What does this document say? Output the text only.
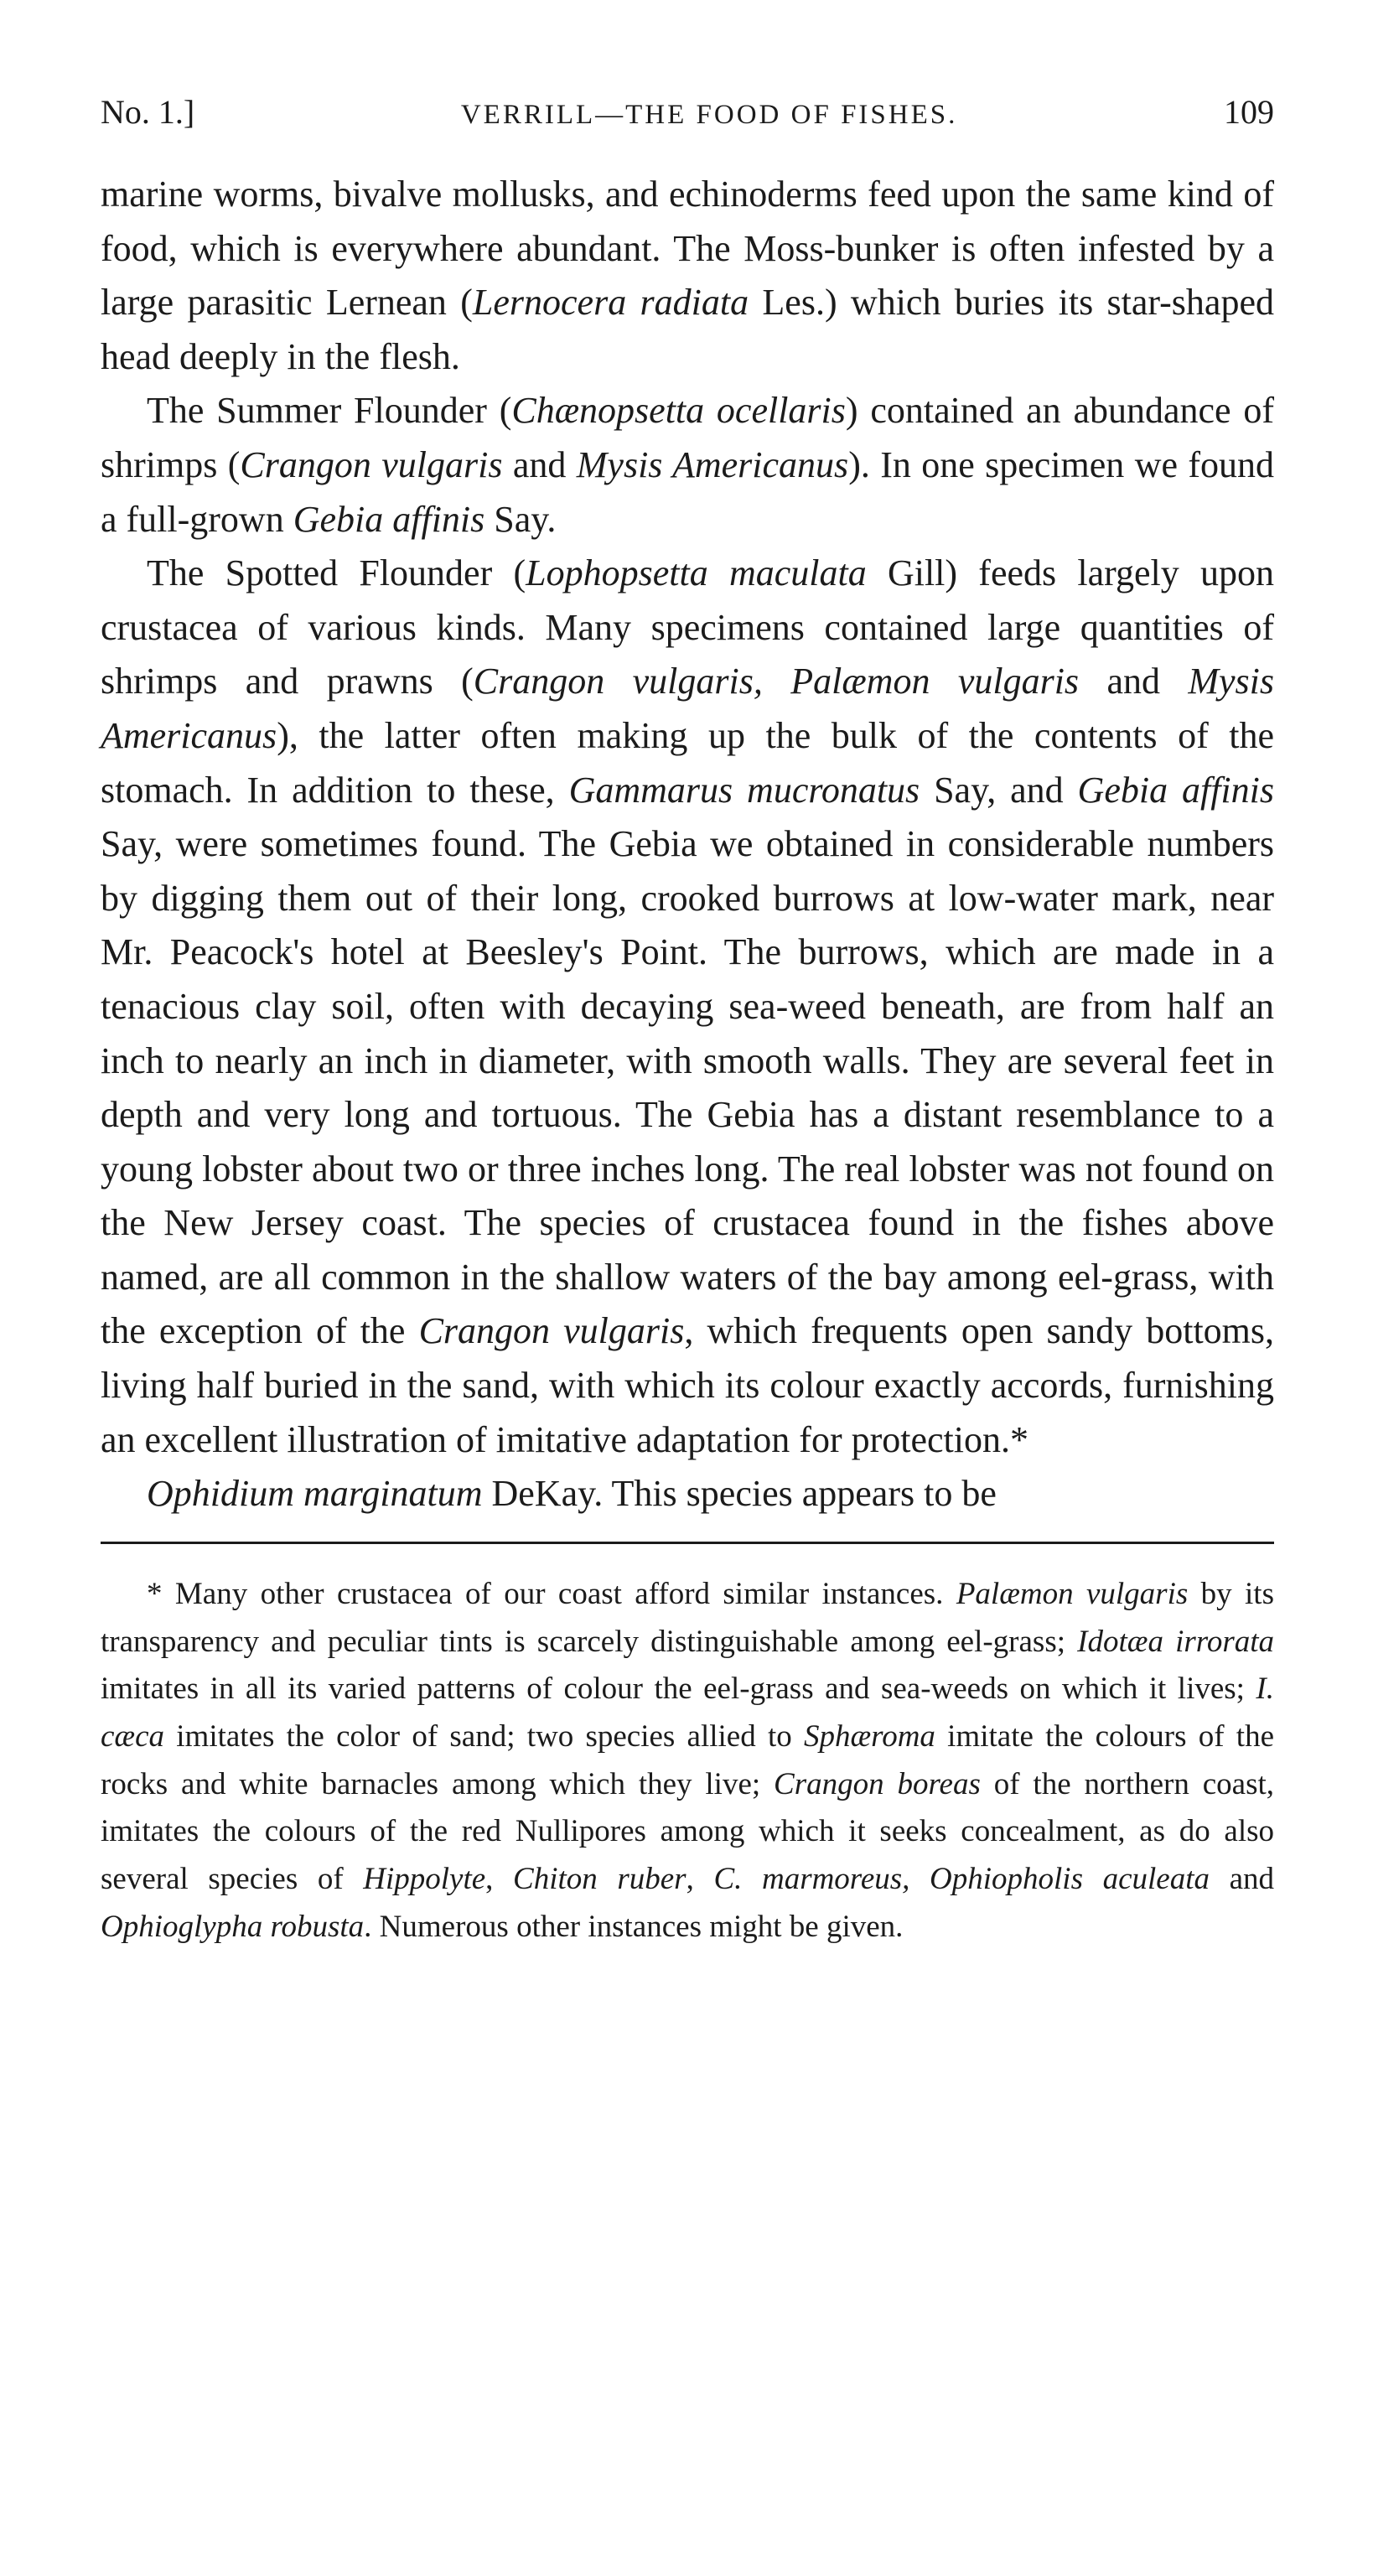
No. 1.]	VERRILL—THE FOOD OF FISHES.	109

marine worms, bivalve mollusks, and echinoderms feed upon the same kind of food, which is everywhere abundant. The Moss-bunker is often infested by a large parasitic Lernean (Lernocera radiata Les.) which buries its star-shaped head deeply in the flesh.

The Summer Flounder (Chænopsetta ocellaris) contained an abundance of shrimps (Crangon vulgaris and Mysis Americanus). In one specimen we found a full-grown Gebia affinis Say.

The Spotted Flounder (Lophopsetta maculata Gill) feeds largely upon crustacea of various kinds. Many specimens contained large quantities of shrimps and prawns (Crangon vulgaris, Palæmon vulgaris and Mysis Americanus), the latter often making up the bulk of the contents of the stomach. In addition to these, Gammarus mucronatus Say, and Gebia affinis Say, were sometimes found. The Gebia we obtained in considerable numbers by digging them out of their long, crooked burrows at low-water mark, near Mr. Peacock's hotel at Beesley's Point. The burrows, which are made in a tenacious clay soil, often with decaying sea-weed beneath, are from half an inch to nearly an inch in diameter, with smooth walls. They are several feet in depth and very long and tortuous. The Gebia has a distant resemblance to a young lobster about two or three inches long. The real lobster was not found on the New Jersey coast. The species of crustacea found in the fishes above named, are all common in the shallow waters of the bay among eel-grass, with the exception of the Crangon vulgaris, which frequents open sandy bottoms, living half buried in the sand, with which its colour exactly accords, furnishing an excellent illustration of imitative adaptation for protection.*

Ophidium marginatum DeKay. This species appears to be

* Many other crustacea of our coast afford similar instances. Palæmon vulgaris by its transparency and peculiar tints is scarcely distinguishable among eel-grass; Idotæa irrorata imitates in all its varied patterns of colour the eel-grass and sea-weeds on which it lives; I. cæca imitates the color of sand; two species allied to Sphæroma imitate the colours of the rocks and white barnacles among which they live; Crangon boreas of the northern coast, imitates the colours of the red Nullipores among which it seeks concealment, as do also several species of Hippolyte, Chiton ruber, C. marmoreus, Ophiopholis aculeata and Ophioglypha robusta. Numerous other instances might be given.
